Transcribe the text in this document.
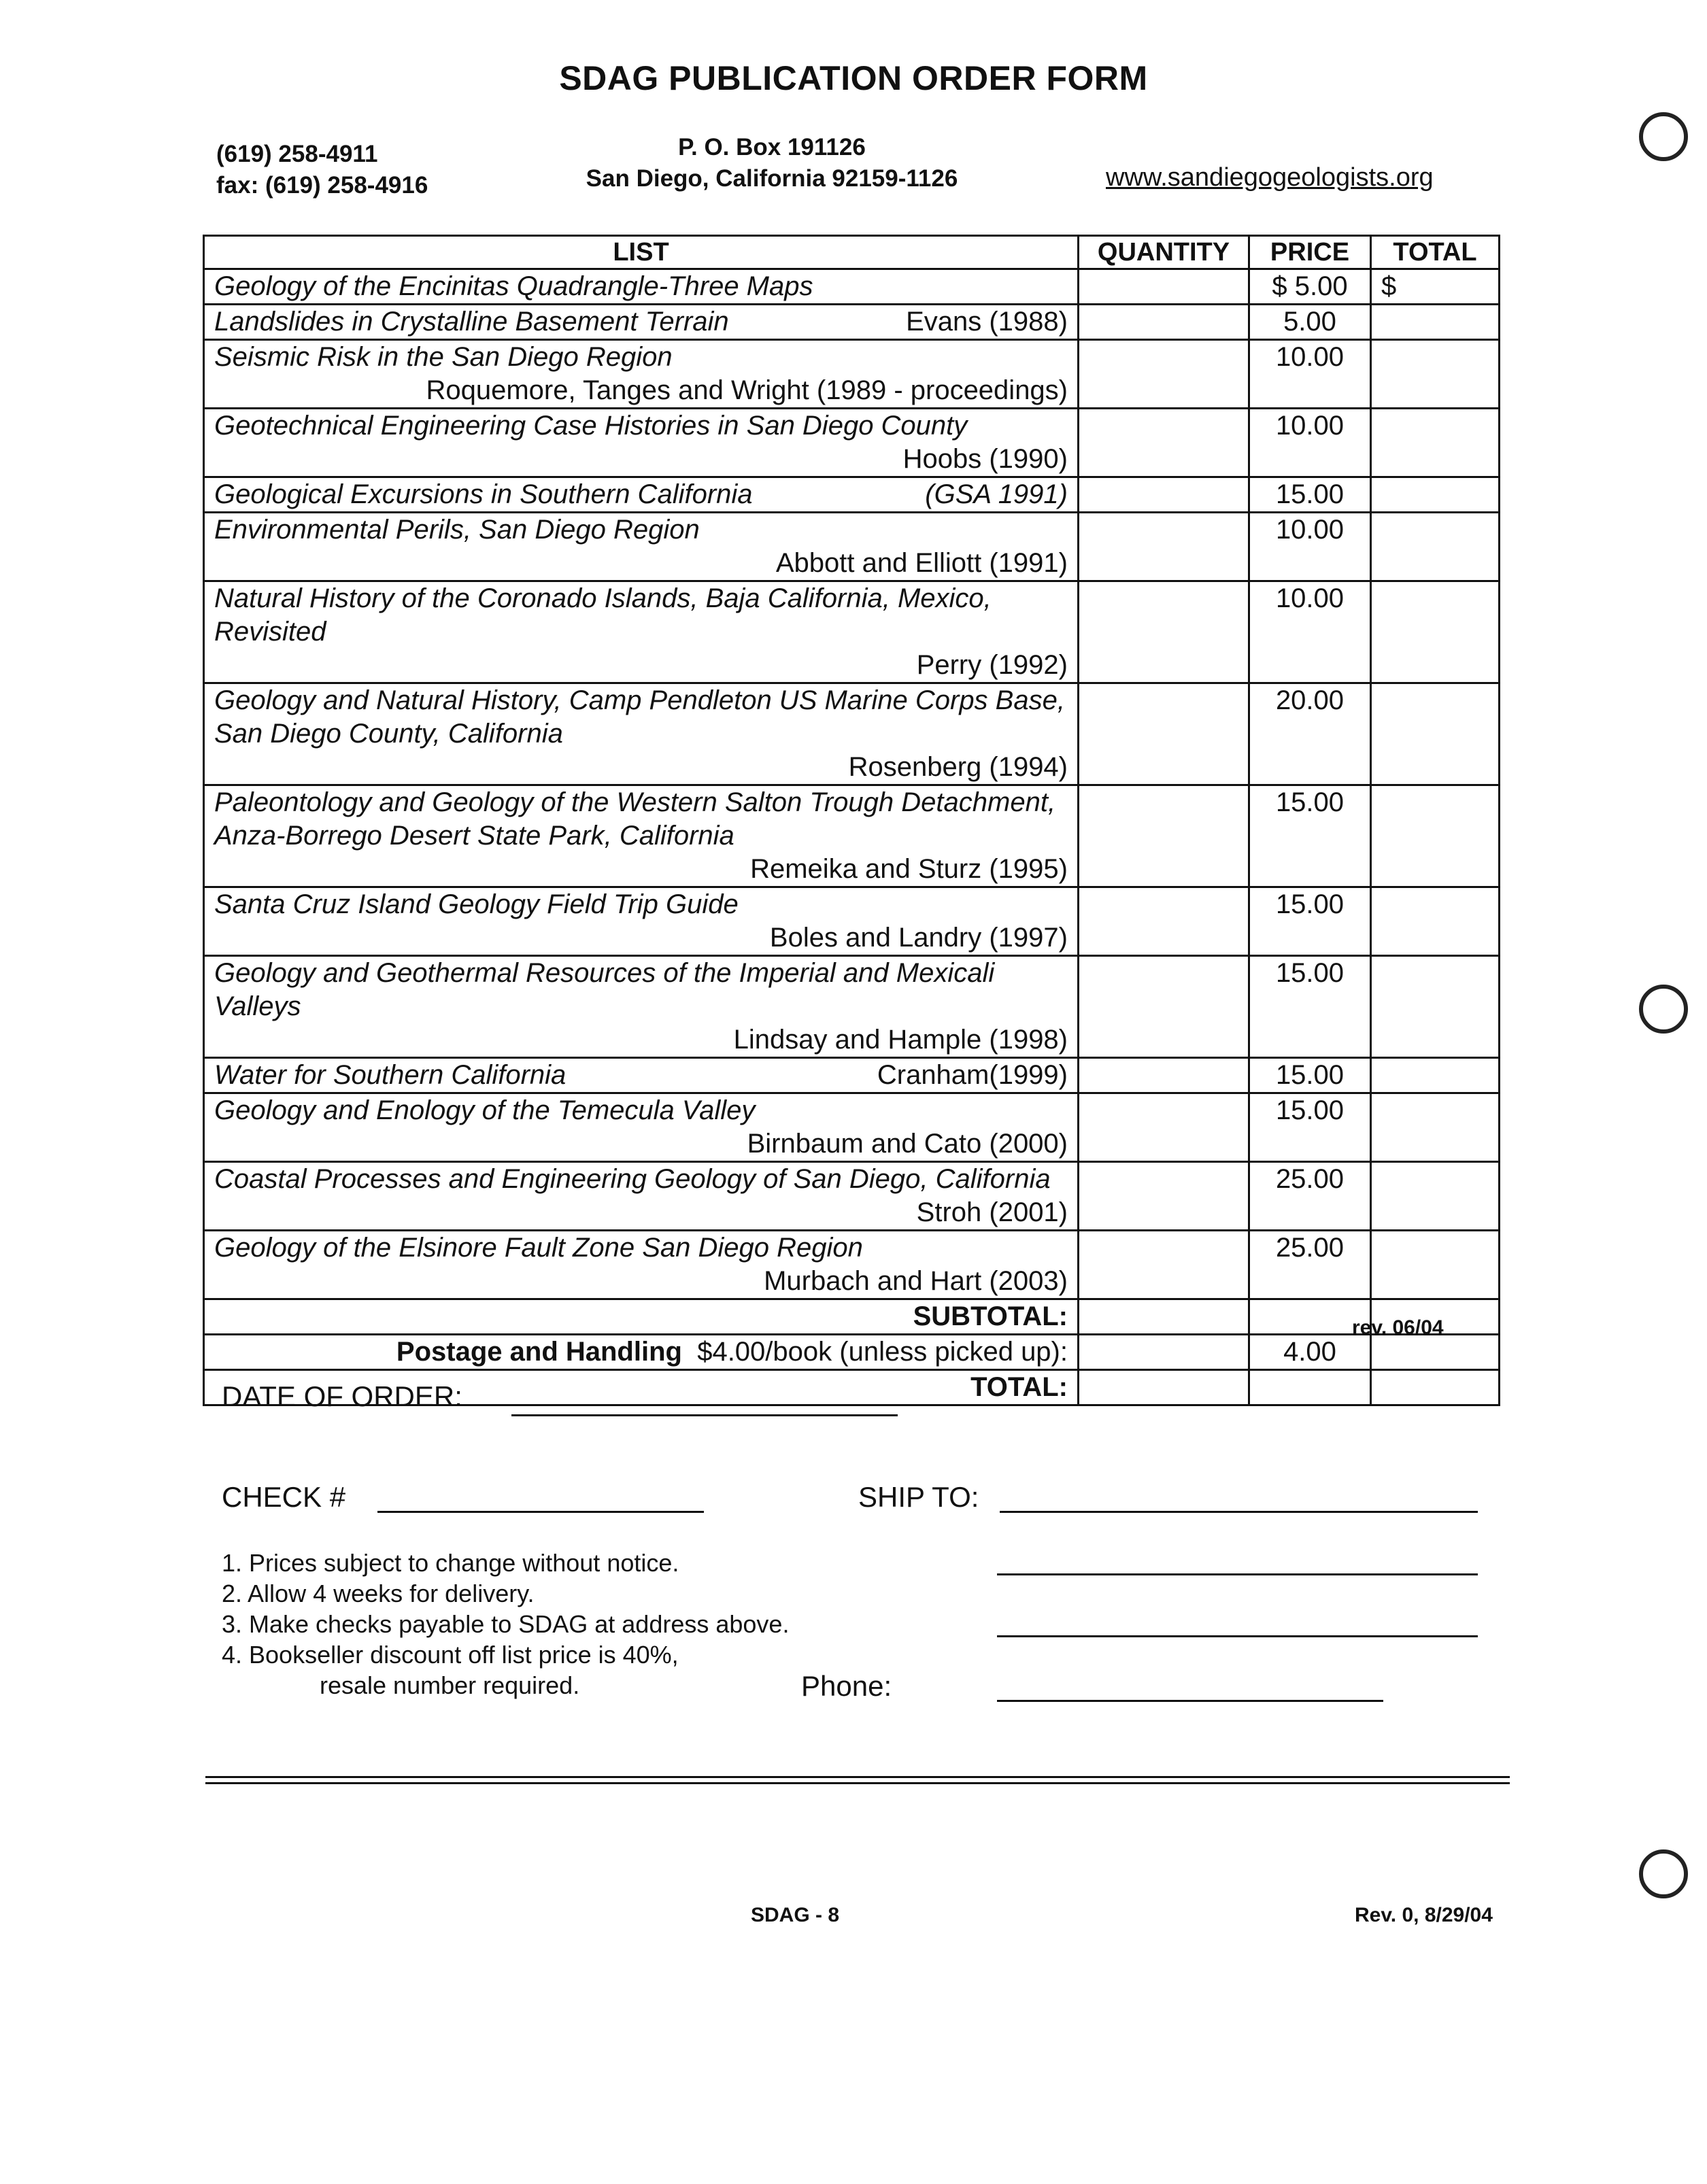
SDAG PUBLICATION ORDER FORM
(619) 258-4911
fax: (619) 258-4916
P. O. Box 191126
San Diego, California 92159-1126	www.sandiegogeologists.org
LIST	QUANTITY	PRICE	TOTAL

Geology of the Encinitas Quadrangle-Three Maps		$ 5.00	$

Landslides in Crystalline Basement Terrain Evans (1988)		5.00	

Seismic Risk in the San Diego Region
Roquemore, Tanges and Wright (1989 - proceedings)		10.00	

Geotechnical Engineering Case Histories in San Diego County
Hoobs (1990)		10.00	

Geological Excursions in Southern California (GSA 1991)		15.00	

Environmental Perils, San Diego Region
Abbott and Elliott (1991)		10.00	

Natural History of the Coronado Islands, Baja California, Mexico, Revisited
Perry (1992)		10.00	

Geology and Natural History, Camp Pendleton US Marine Corps Base, San Diego County, California
Rosenberg (1994)		20.00	

Paleontology and Geology of the Western Salton Trough Detachment, Anza-Borrego Desert State Park, California
Remeika and Sturz (1995)		15.00	

Santa Cruz Island Geology Field Trip Guide
Boles and Landry (1997)		15.00	

Geology and Geothermal Resources of the Imperial and Mexicali Valleys
Lindsay and Hample (1998)		15.00	

Water for Southern California Cranham(1999)		15.00	

Geology and Enology of the Temecula Valley
Birnbaum and Cato (2000)		15.00	

Coastal Processes and Engineering Geology of San Diego, California
Stroh (2001)		25.00	

Geology of the Elsinore Fault Zone San Diego Region
Murbach and Hart (2003)		25.00	
SUBTOTAL:			
Postage and Handling $4.00/book (unless picked up):		4.00	
TOTAL:			
rev. 06/04
DATE OF ORDER:
CHECK #	SHIP TO:
1. Prices subject to change without notice.
2. Allow 4 weeks for delivery.
3. Make checks payable to SDAG at address above.
4. Bookseller discount off list price is 40%,
resale number required.	Phone:
SDAG - 8	Rev. 0, 8/29/04
